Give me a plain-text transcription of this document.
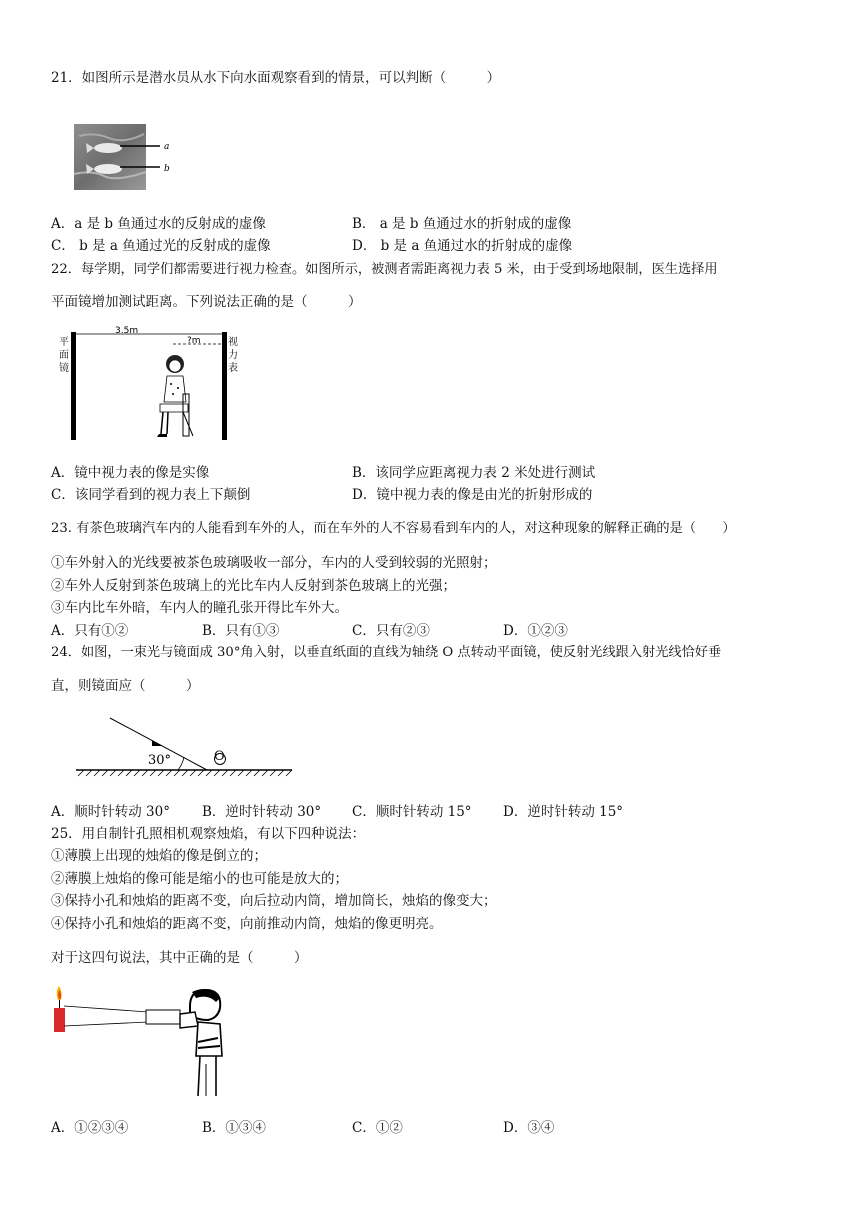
21．如图所示是潜水员从水下向水面观察看到的情景，可以判断（　　　）
a
b
A．a 是 b 鱼通过水的反射成的虚像	B． a 是 b 鱼通过水的折射成的虚像
C． b 是 a 鱼通过光的反射成的虚像	D． b 是 a 鱼通过水的折射成的虚像
22．每学期，同学们都需要进行视力检查。如图所示，被测者需距离视力表 5 米，由于受到场地限制，医生选择用
平面镜增加测试距离。下列说法正确的是（　　　）
3.5m
?m
平面镜
视力表
A．镜中视力表的像是实像	B．该同学应距离视力表 2 米处进行测试
C．该同学看到的视力表上下颠倒	D．镜中视力表的像是由光的折射形成的
23. 有茶色玻璃汽车内的人能看到车外的人，而在车外的人不容易看到车内的人，对这种现象的解释正确的是（　　）
①车外射入的光线要被茶色玻璃吸收一部分，车内的人受到较弱的光照射；
②车外人反射到茶色玻璃上的光比车内人反射到茶色玻璃上的光强；
③车内比车外暗，车内人的瞳孔张开得比车外大。
A．只有①②	B．只有①③	C．只有②③	D．①②③
24．如图，一束光与镜面成 30°角入射，以垂直纸面的直线为轴绕 O 点转动平面镜，使反射光线跟入射光线恰好垂
直，则镜面应（　　　）
30°
A．顺时针转动 30° B．逆时针转动 30° C．顺时针转动 15° D．逆时针转动 15°
25．用自制针孔照相机观察烛焰，有以下四种说法：
①薄膜上出现的烛焰的像是倒立的；
②薄膜上烛焰的像可能是缩小的也可能是放大的；
③保持小孔和烛焰的距离不变，向后拉动内筒，增加筒长，烛焰的像变大；
④保持小孔和烛焰的距离不变，向前推动内筒，烛焰的像更明亮。
对于这四句说法，其中正确的是（　　　）
A．①②③④	B．①③④	C．①②	D．③④
O
